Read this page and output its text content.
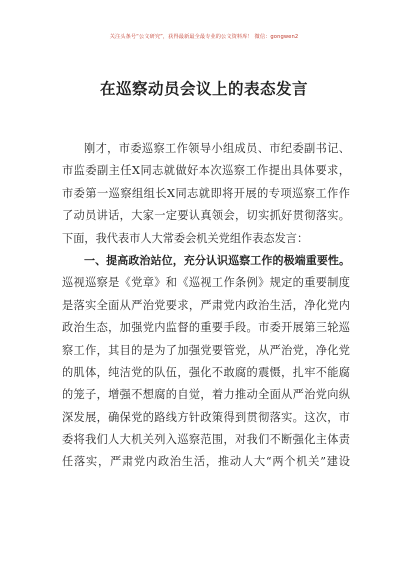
关注头条号“公文研究”，获得最新最全最专业的公文资料库！ 微信：gongwen2
在巡察动员会议上的表态发言
刚才，市委巡察工作领导小组成员、市纪委副书记、
市监委副主任X同志就做好本次巡察工作提出具体要求，
市委第一巡察组组长X同志就即将开展的专项巡察工作作
了动员讲话，大家一定要认真领会，切实抓好贯彻落实。
下面，我代表市人大常委会机关党组作表态发言：
一、提高政治站位，充分认识巡察工作的极端重要性。
巡视巡察是《党章》和《巡视工作条例》规定的重要制度
是落实全面从严治党要求，严肃党内政治生活，净化党内
政治生态，加强党内监督的重要手段。市委开展第三轮巡
察工作，其目的是为了加强党要管党，从严治党，净化党
的肌体，纯洁党的队伍，强化不敢腐的震慑，扎牢不能腐
的笼子，增强不想腐的自觉，着力推动全面从严治党向纵
深发展，确保党的路线方针政策得到贯彻落实。这次，市
委将我们人大机关列入巡察范围，对我们不断强化主体责
任落实，严肃党内政治生活，推动人大“两个机关”建设
